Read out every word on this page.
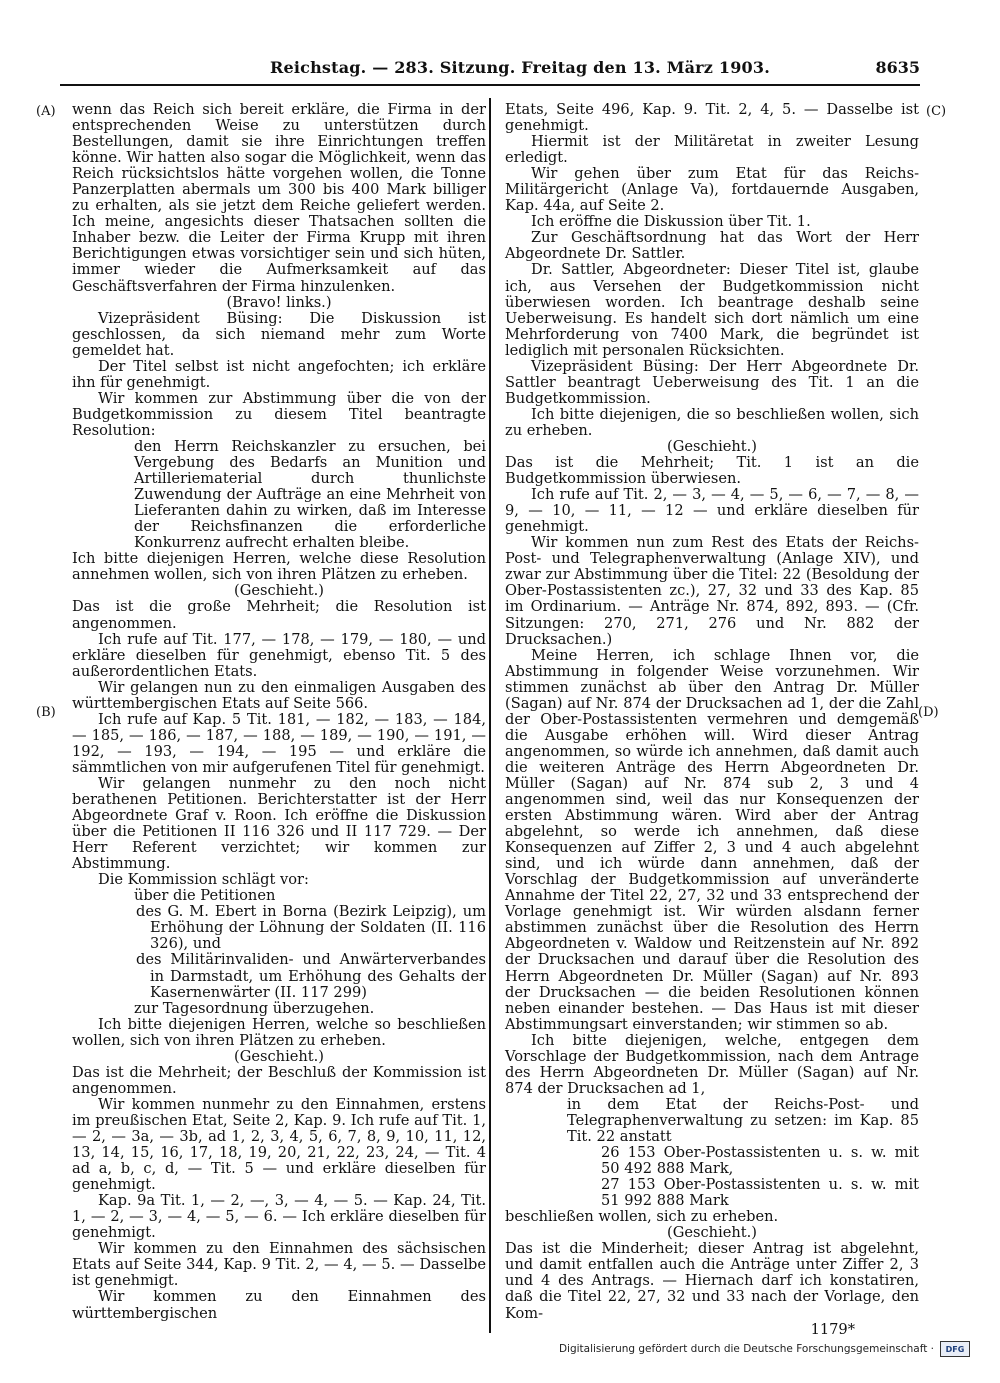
Reichstag. — 283. Sitzung. Freitag den 13. März 1903.	8635
(A)
(B)
(C)
(D)

wenn das Reich sich bereit erkläre, die Firma in der entsprechenden Weise zu unterstützen durch Bestellungen, damit sie ihre Einrichtungen treffen könne. Wir hatten also sogar die Möglichkeit, wenn das Reich rücksichtslos hätte vorgehen wollen, die Tonne Panzerplatten abermals um 300 bis 400 Mark billiger zu erhalten, als sie jetzt dem Reiche geliefert werden. Ich meine, angesichts dieser Thatsachen sollten die Inhaber bezw. die Leiter der Firma Krupp mit ihren Berichtigungen etwas vorsichtiger sein und sich hüten, immer wieder die Aufmerksamkeit auf das Geschäftsverfahren der Firma hinzulenken.

(Bravo! links.)

Vizepräsident Büsing: Die Diskussion ist geschlossen, da sich niemand mehr zum Worte gemeldet hat.

Der Titel selbst ist nicht angefochten; ich erkläre ihn für genehmigt.

Wir kommen zur Abstimmung über die von der Budgetkommission zu diesem Titel beantragte Resolution:

den Herrn Reichskanzler zu ersuchen, bei Vergebung des Bedarfs an Munition und Artilleriematerial durch thunlichste Zuwendung der Aufträge an eine Mehrheit von Lieferanten dahin zu wirken, daß im Interesse der Reichsfinanzen die erforderliche Konkurrenz aufrecht erhalten bleibe.

Ich bitte diejenigen Herren, welche diese Resolution annehmen wollen, sich von ihren Plätzen zu erheben.

(Geschieht.)

Das ist die große Mehrheit; die Resolution ist angenommen.

Ich rufe auf Tit. 177, — 178, — 179, — 180, — und erkläre dieselben für genehmigt, ebenso Tit. 5 des außerordentlichen Etats.

Wir gelangen nun zu den einmaligen Ausgaben des württembergischen Etats auf Seite 566.

Ich rufe auf Kap. 5 Tit. 181, — 182, — 183, — 184, — 185, — 186, — 187, — 188, — 189, — 190, — 191, — 192, — 193, — 194, — 195 — und erkläre die sämmtlichen von mir aufgerufenen Titel für genehmigt.

Wir gelangen nunmehr zu den noch nicht berathenen Petitionen. Berichterstatter ist der Herr Abgeordnete Graf v. Roon. Ich eröffne die Diskussion über die Petitionen II 116 326 und II 117 729. — Der Herr Referent verzichtet; wir kommen zur Abstimmung.

Die Kommission schlägt vor:

über die Petitionen

des G. M. Ebert in Borna (Bezirk Leipzig), um Erhöhung der Löhnung der Soldaten (II. 116 326), und

des Militärinvaliden- und Anwärterverbandes in Darmstadt, um Erhöhung des Gehalts der Kasernenwärter (II. 117 299)

zur Tagesordnung überzugehen.

Ich bitte diejenigen Herren, welche so beschließen wollen, sich von ihren Plätzen zu erheben.

(Geschieht.)

Das ist die Mehrheit; der Beschluß der Kommission ist angenommen.

Wir kommen nunmehr zu den Einnahmen, erstens im preußischen Etat, Seite 2, Kap. 9. Ich rufe auf Tit. 1, — 2, — 3a, — 3b, ad 1, 2, 3, 4, 5, 6, 7, 8, 9, 10, 11, 12, 13, 14, 15, 16, 17, 18, 19, 20, 21, 22, 23, 24, — Tit. 4 ad a, b, c, d, — Tit. 5 — und erkläre dieselben für genehmigt.

Kap. 9a Tit. 1, — 2, —, 3, — 4, — 5. — Kap. 24, Tit. 1, — 2, — 3, — 4, — 5, — 6. — Ich erkläre dieselben für genehmigt.

Wir kommen zu den Einnahmen des sächsischen Etats auf Seite 344, Kap. 9 Tit. 2, — 4, — 5. — Dasselbe ist genehmigt.

Wir kommen zu den Einnahmen des württembergischen

Etats, Seite 496, Kap. 9. Tit. 2, 4, 5. — Dasselbe ist genehmigt.

Hiermit ist der Militäretat in zweiter Lesung erledigt.

Wir gehen über zum Etat für das Reichs-Militärgericht (Anlage Va), fortdauernde Ausgaben, Kap. 44a, auf Seite 2.

Ich eröffne die Diskussion über Tit. 1.

Zur Geschäftsordnung hat das Wort der Herr Abgeordnete Dr. Sattler.

Dr. Sattler, Abgeordneter: Dieser Titel ist, glaube ich, aus Versehen der Budgetkommission nicht überwiesen worden. Ich beantrage deshalb seine Ueberweisung. Es handelt sich dort nämlich um eine Mehrforderung von 7400 Mark, die begründet ist lediglich mit personalen Rücksichten.

Vizepräsident Büsing: Der Herr Abgeordnete Dr. Sattler beantragt Ueberweisung des Tit. 1 an die Budgetkommission.

Ich bitte diejenigen, die so beschließen wollen, sich zu erheben.

(Geschieht.)

Das ist die Mehrheit; Tit. 1 ist an die Budgetkommission überwiesen.

Ich rufe auf Tit. 2, — 3, — 4, — 5, — 6, — 7, — 8, — 9, — 10, — 11, — 12 — und erkläre dieselben für genehmigt.

Wir kommen nun zum Rest des Etats der Reichs-Post- und Telegraphenverwaltung (Anlage XIV), und zwar zur Abstimmung über die Titel: 22 (Besoldung der Ober-Postassistenten zc.), 27, 32 und 33 des Kap. 85 im Ordinarium. — Anträge Nr. 874, 892, 893. — (Cfr. Sitzungen: 270, 271, 276 und Nr. 882 der Drucksachen.)

Meine Herren, ich schlage Ihnen vor, die Abstimmung in folgender Weise vorzunehmen. Wir stimmen zunächst ab über den Antrag Dr. Müller (Sagan) auf Nr. 874 der Drucksachen ad 1, der die Zahl der Ober-Postassistenten vermehren und demgemäß die Ausgabe erhöhen will. Wird dieser Antrag angenommen, so würde ich annehmen, daß damit auch die weiteren Anträge des Herrn Abgeordneten Dr. Müller (Sagan) auf Nr. 874 sub 2, 3 und 4 angenommen sind, weil das nur Konsequenzen der ersten Abstimmung wären. Wird aber der Antrag abgelehnt, so werde ich annehmen, daß diese Konsequenzen auf Ziffer 2, 3 und 4 auch abgelehnt sind, und ich würde dann annehmen, daß der Vorschlag der Budgetkommission auf unveränderte Annahme der Titel 22, 27, 32 und 33 entsprechend der Vorlage genehmigt ist. Wir würden alsdann ferner abstimmen zunächst über die Resolution des Herrn Abgeordneten v. Waldow und Reitzenstein auf Nr. 892 der Drucksachen und darauf über die Resolution des Herrn Abgeordneten Dr. Müller (Sagan) auf Nr. 893 der Drucksachen — die beiden Resolutionen können neben einander bestehen. — Das Haus ist mit dieser Abstimmungsart einverstanden; wir stimmen so ab.

Ich bitte diejenigen, welche, entgegen dem Vorschlage der Budgetkommission, nach dem Antrage des Herrn Abgeordneten Dr. Müller (Sagan) auf Nr. 874 der Drucksachen ad 1,

in dem Etat der Reichs-Post- und Telegraphenverwaltung zu setzen: im Kap. 85 Tit. 22 anstatt

26 153 Ober-Postassistenten u. s. w. mit 50 492 888 Mark,

27 153 Ober-Postassistenten u. s. w. mit 51 992 888 Mark

beschließen wollen, sich zu erheben.

(Geschieht.)

Das ist die Minderheit; dieser Antrag ist abgelehnt, und damit entfallen auch die Anträge unter Ziffer 2, 3 und 4 des Antrags. — Hiernach darf ich konstatiren, daß die Titel 22, 27, 32 und 33 nach der Vorlage, den Kom-

1179*

Digitalisierung gefördert durch die Deutsche Forschungsgemeinschaft ·	DFG
